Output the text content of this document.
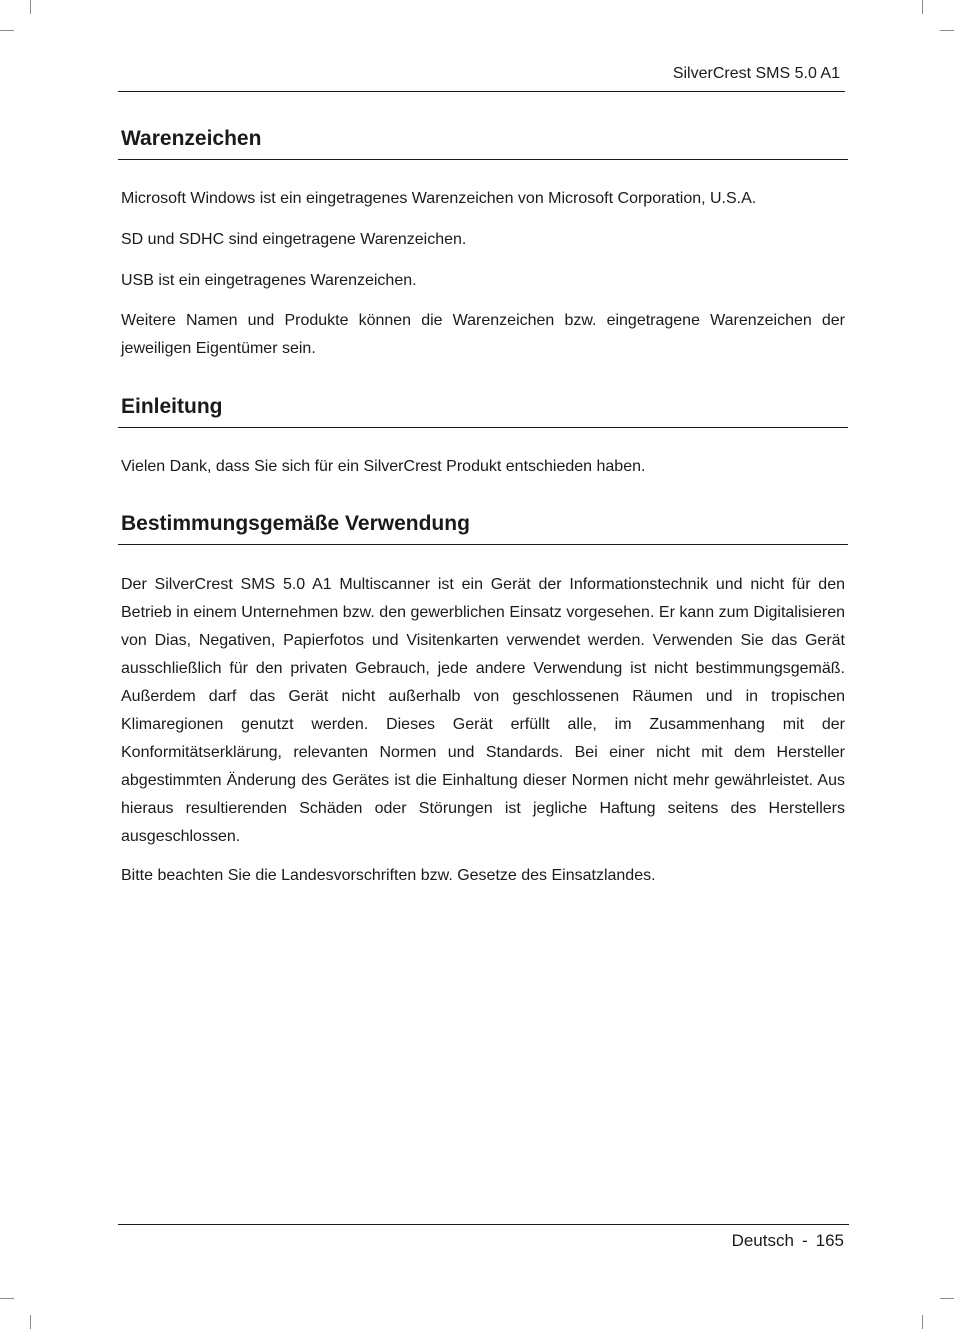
SilverCrest SMS 5.0 A1
Warenzeichen

Microsoft Windows ist ein eingetragenes Warenzeichen von Microsoft Corporation, U.S.A.

SD und SDHC sind eingetragene Warenzeichen.

USB ist ein eingetragenes Warenzeichen.

Weitere Namen und Produkte können die Warenzeichen bzw. eingetragene Warenzeichen der jeweiligen Eigentümer sein.

Einleitung

Vielen Dank, dass Sie sich für ein SilverCrest Produkt entschieden haben.

Bestimmungsgemäße Verwendung

Der SilverCrest SMS 5.0 A1 Multiscanner ist ein Gerät der Informationstechnik und nicht für den Betrieb in einem Unternehmen bzw. den gewerblichen Einsatz vorgesehen. Er kann zum Digitalisieren von Dias, Negativen, Papierfotos und Visitenkarten verwendet werden. Verwenden Sie das Gerät ausschließlich für den privaten Gebrauch, jede andere Verwendung ist nicht bestimmungsgemäß. Außerdem darf das Gerät nicht außerhalb von geschlossenen Räumen und in tropischen Klimaregionen genutzt werden. Dieses Gerät erfüllt alle, im Zusammenhang mit der Konformitätserklärung, relevanten Normen und Standards. Bei einer nicht mit dem Hersteller abgestimmten Änderung des Gerätes ist die Einhaltung dieser Normen nicht mehr gewährleistet. Aus hieraus resultierenden Schäden oder Störungen ist jegliche Haftung seitens des Herstellers ausgeschlossen.

Bitte beachten Sie die Landesvorschriften bzw. Gesetze des Einsatzlandes.

Deutsch - 165
